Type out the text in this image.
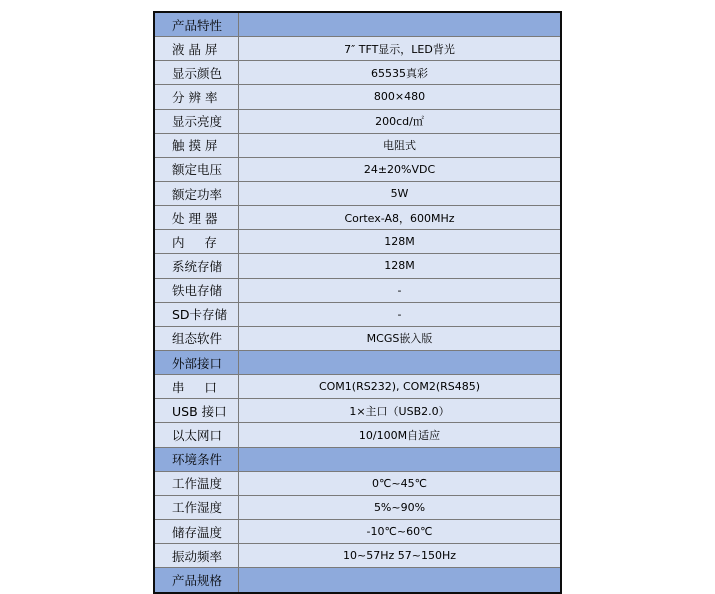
产品特性
液 晶 屏	7″ TFT显示，LED背光
显示颜色	65535真彩
分 辨 率	800×480
显示亮度	200cd/㎡
触 摸 屏	电阻式
额定电压	24±20%VDC
额定功率	5W
处 理 器	Cortex-A8，600MHz
内     存	128M
系统存储	128M
铁电存储	-
SD卡存储	-
组态软件	MCGS嵌入版
外部接口
串     口	COM1(RS232), COM2(RS485)
USB 接口	1×主口（USB2.0）
以太网口	10/100M自适应
环境条件
工作温度	0℃~45℃
工作湿度	5%~90%
储存温度	-10℃~60℃
振动频率	10~57Hz 57~150Hz
产品规格
